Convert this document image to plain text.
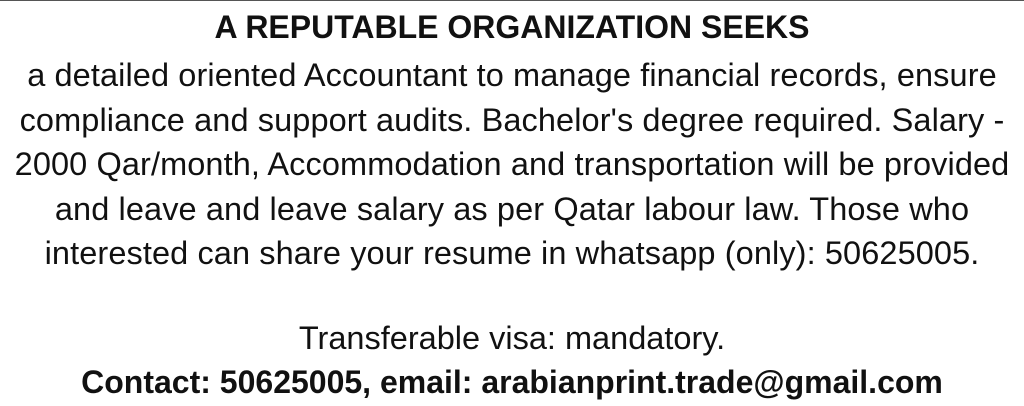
A REPUTABLE ORGANIZATION SEEKS

a detailed oriented Accountant to manage financial records, ensure compliance and support audits. Bachelor's degree required. Salary - 2000 Qar/month, Accommodation and transportation will be provided and leave and leave salary as per Qatar labour law. Those who interested can share your resume in whatsapp (only): 50625005.

Transferable visa: mandatory.

Contact: 50625005, email: arabianprint.trade@gmail.com
